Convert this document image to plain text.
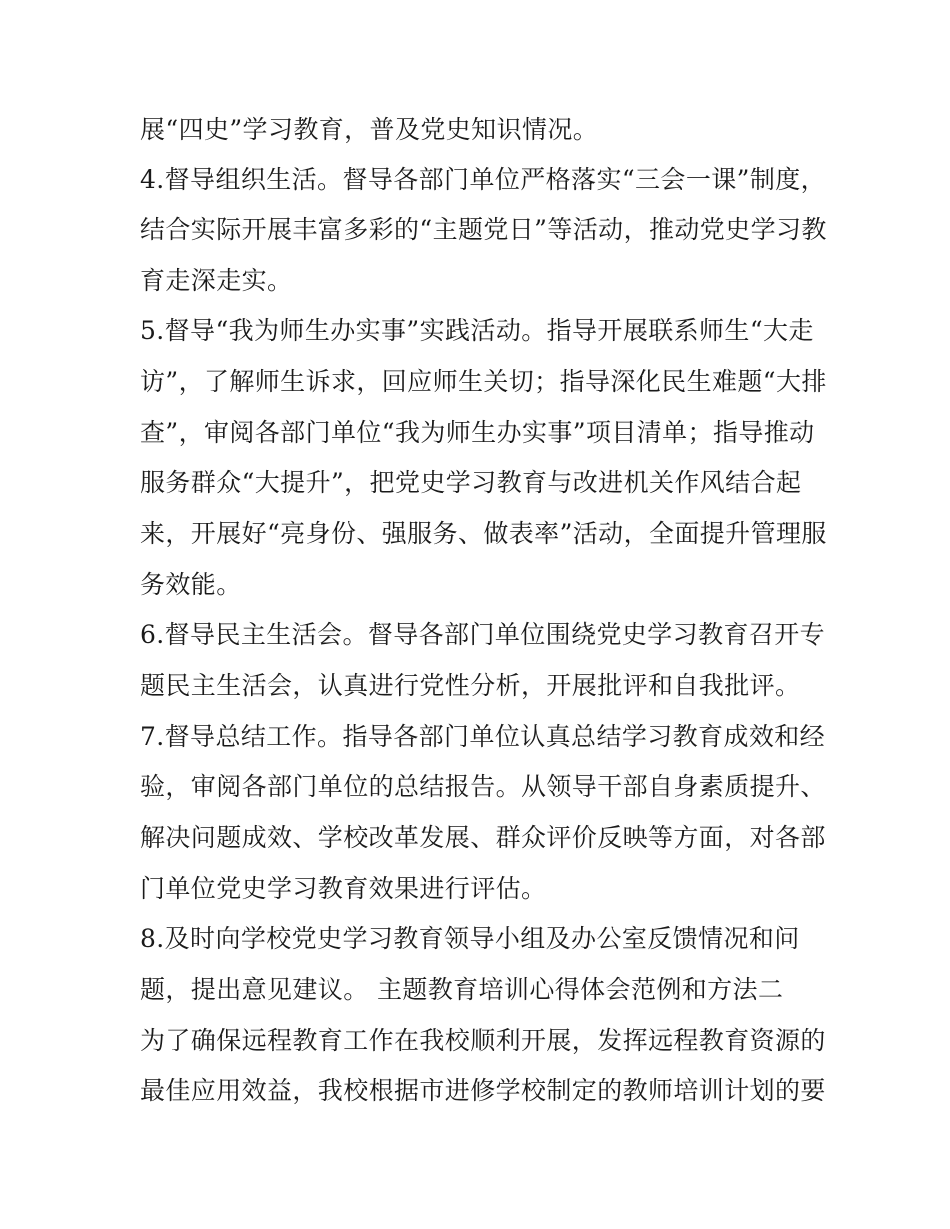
展“四史”学习教育，普及党史知识情况。
4.督导组织生活。督导各部门单位严格落实“三会一课”制度，
结合实际开展丰富多彩的“主题党日”等活动，推动党史学习教
育走深走实。
5.督导“我为师生办实事”实践活动。指导开展联系师生“大走
访”，了解师生诉求，回应师生关切；指导深化民生难题“大排
查”，审阅各部门单位“我为师生办实事”项目清单；指导推动
服务群众“大提升”，把党史学习教育与改进机关作风结合起
来，开展好“亮身份、强服务、做表率”活动，全面提升管理服
务效能。
6.督导民主生活会。督导各部门单位围绕党史学习教育召开专
题民主生活会，认真进行党性分析，开展批评和自我批评。
7.督导总结工作。指导各部门单位认真总结学习教育成效和经
验，审阅各部门单位的总结报告。从领导干部自身素质提升、
解决问题成效、学校改革发展、群众评价反映等方面，对各部
门单位党史学习教育效果进行评估。
8.及时向学校党史学习教育领导小组及办公室反馈情况和问
题，提出意见建议。 主题教育培训心得体会范例和方法二
为了确保远程教育工作在我校顺利开展，发挥远程教育资源的
最佳应用效益，我校根据市进修学校制定的教师培训计划的要
